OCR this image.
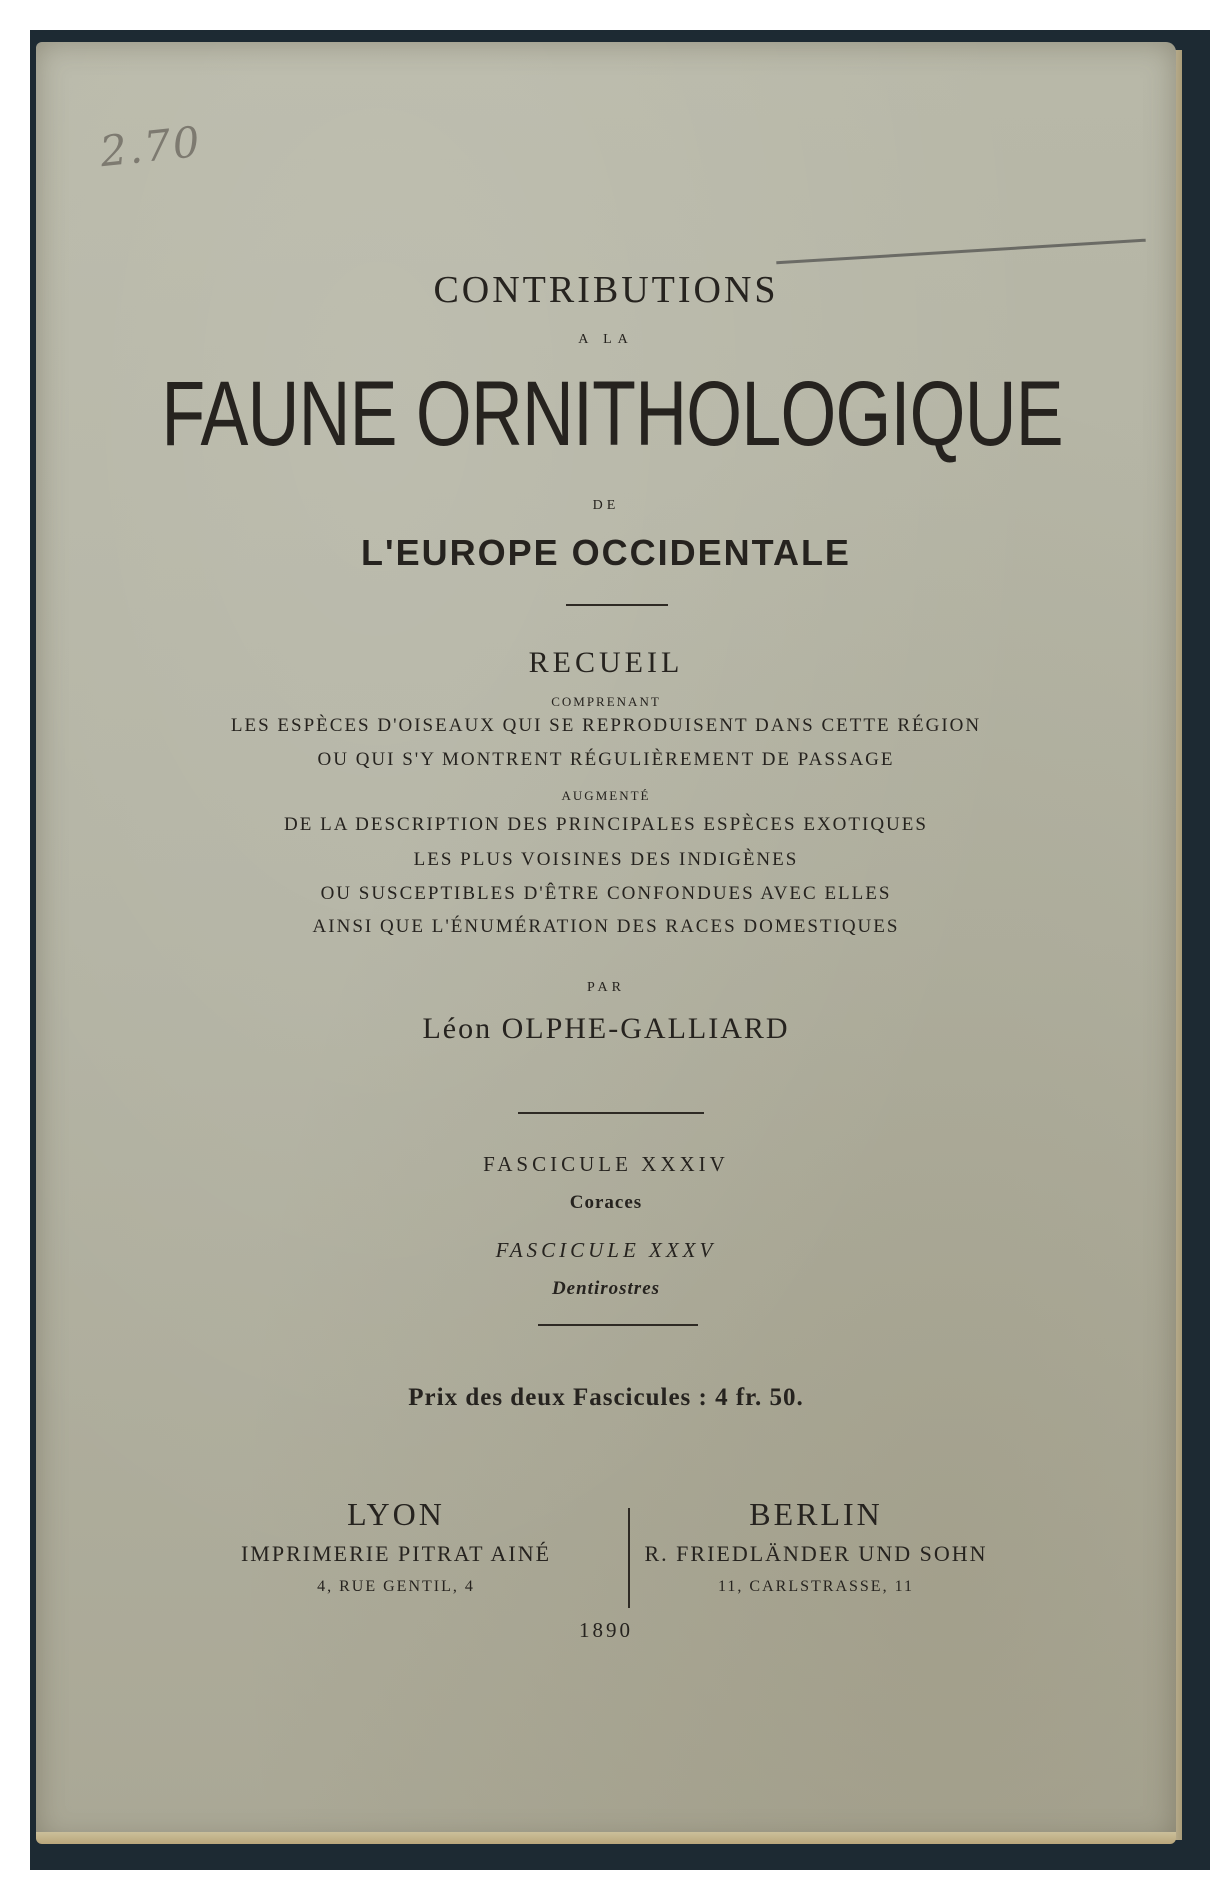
2.70
CONTRIBUTIONS
A LA
FAUNE ORNITHOLOGIQUE
DE
L'EUROPE OCCIDENTALE
RECUEIL
COMPRENANT
LES ESPÈCES D'OISEAUX QUI SE REPRODUISENT DANS CETTE RÉGION
OU QUI S'Y MONTRENT RÉGULIÈREMENT DE PASSAGE
AUGMENTÉ
DE LA DESCRIPTION DES PRINCIPALES ESPÈCES EXOTIQUES
LES PLUS VOISINES DES INDIGÈNES
OU SUSCEPTIBLES D'ÊTRE CONFONDUES AVEC ELLES
AINSI QUE L'ÉNUMÉRATION DES RACES DOMESTIQUES
PAR
Léon OLPHE-GALLIARD
FASCICULE XXXIV
Coraces
FASCICULE XXXV
Dentirostres
Prix des deux Fascicules : 4 fr. 50.
LYON
IMPRIMERIE PITRAT AINÉ
4, RUE GENTIL, 4
BERLIN
R. FRIEDLÄNDER UND SOHN
11, CARLSTRASSE, 11
1890
